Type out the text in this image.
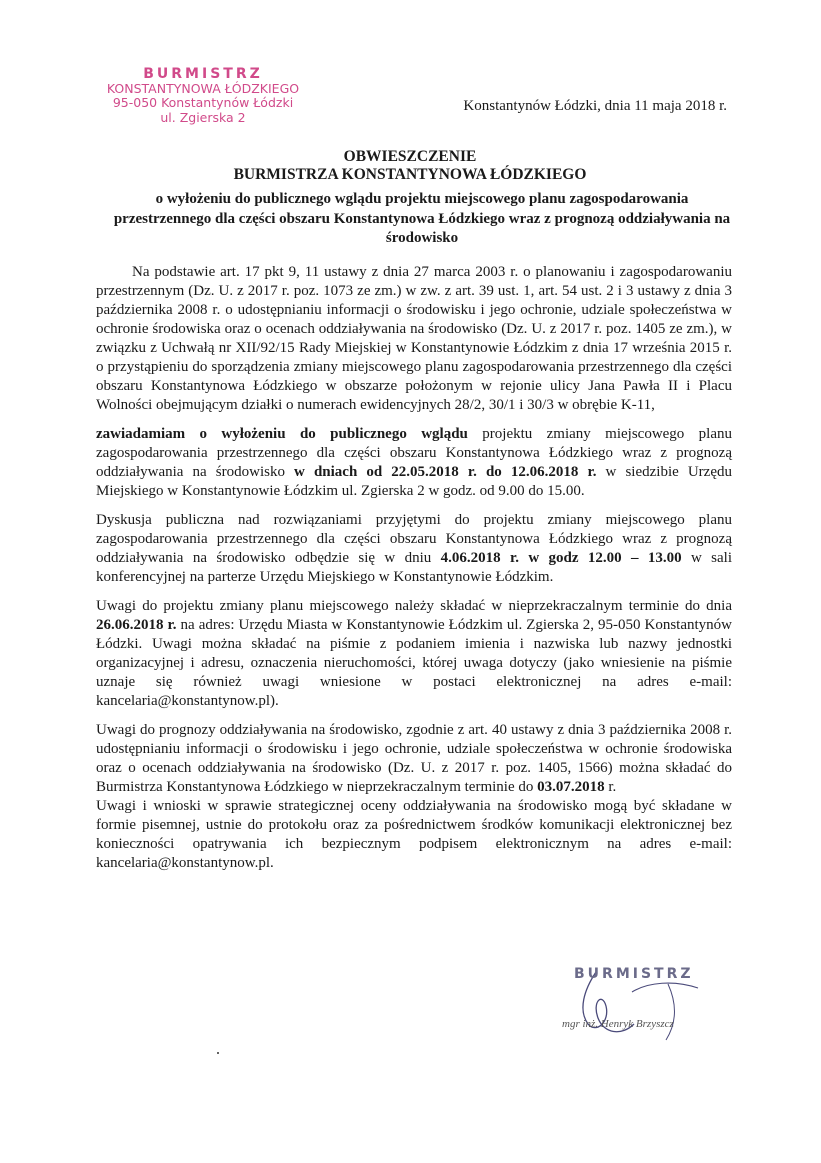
BURMISTRZ
KONSTANTYNOWA ŁÓDZKIEGO
95-050 Konstantynów Łódzki
ul. Zgierska 2
Konstantynów Łódzki, dnia 11 maja 2018 r.
OBWIESZCZENIE
BURMISTRZA KONSTANTYNOWA ŁÓDZKIEGO
o wyłożeniu do publicznego wglądu projektu miejscowego planu zagospodarowania przestrzennego dla części obszaru Konstantynowa Łódzkiego wraz z prognozą oddziaływania na środowisko

Na podstawie art. 17 pkt 9, 11 ustawy z dnia 27 marca 2003 r. o planowaniu i zagospodarowaniu przestrzennym (Dz. U. z 2017 r. poz. 1073 ze zm.) w zw. z art. 39 ust. 1, art. 54 ust. 2 i 3 ustawy z dnia 3 października 2008 r. o udostępnianiu informacji o środowisku i jego ochronie, udziale społeczeństwa w ochronie środowiska oraz o ocenach oddziaływania na środowisko (Dz. U. z 2017 r. poz. 1405 ze zm.), w związku z Uchwałą nr XII/92/15 Rady Miejskiej w Konstantynowie Łódzkim z dnia 17 września 2015 r. o przystąpieniu do sporządzenia zmiany miejscowego planu zagospodarowania przestrzennego dla części obszaru Konstantynowa Łódzkiego w obszarze położonym w rejonie ulicy Jana Pawła II i Placu Wolności obejmującym działki o numerach ewidencyjnych 28/2, 30/1 i 30/3 w obrębie K-11,

zawiadamiam o wyłożeniu do publicznego wglądu projektu zmiany miejscowego planu zagospodarowania przestrzennego dla części obszaru Konstantynowa Łódzkiego wraz z prognozą oddziaływania na środowisko w dniach od 22.05.2018 r. do 12.06.2018 r. w siedzibie Urzędu Miejskiego w Konstantynowie Łódzkim ul. Zgierska 2 w godz. od 9.00 do 15.00.

Dyskusja publiczna nad rozwiązaniami przyjętymi do projektu zmiany miejscowego planu zagospodarowania przestrzennego dla części obszaru Konstantynowa Łódzkiego wraz z prognozą oddziaływania na środowisko odbędzie się w dniu 4.06.2018 r. w godz 12.00 – 13.00 w sali konferencyjnej na parterze Urzędu Miejskiego w Konstantynowie Łódzkim.

Uwagi do projektu zmiany planu miejscowego należy składać w nieprzekraczalnym terminie do dnia 26.06.2018 r. na adres: Urzędu Miasta w Konstantynowie Łódzkim ul. Zgierska 2, 95-050 Konstantynów Łódzki. Uwagi można składać na piśmie z podaniem imienia i nazwiska lub nazwy jednostki organizacyjnej i adresu, oznaczenia nieruchomości, której uwaga dotyczy (jako wniesienie na piśmie uznaje się również uwagi wniesione w postaci elektronicznej na adres e-mail: kancelaria@konstantynow.pl).

Uwagi do prognozy oddziaływania na środowisko, zgodnie z art. 40 ustawy z dnia 3 października 2008 r. udostępnianiu informacji o środowisku i jego ochronie, udziale społeczeństwa w ochronie środowiska oraz o ocenach oddziaływania na środowisko (Dz. U. z 2017 r. poz. 1405, 1566) można składać do Burmistrza Konstantynowa Łódzkiego w nieprzekraczalnym terminie do 03.07.2018 r.

Uwagi i wnioski w sprawie strategicznej oceny oddziaływania na środowisko mogą być składane w formie pisemnej, ustnie do protokołu oraz za pośrednictwem środków komunikacji elektronicznej bez konieczności opatrywania ich bezpiecznym podpisem elektronicznym na adres e-mail: kancelaria@konstantynow.pl.

BURMISTRZ
mgr inż. Henryk Brzyszcz
